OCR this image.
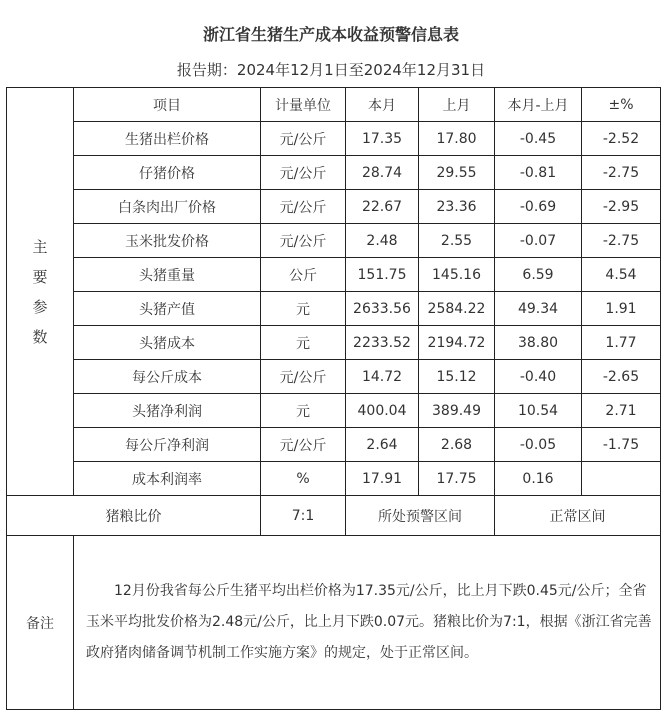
浙江省生猪生产成本收益预警信息表
报告期：2024年12月1日至2024年12月31日
主
要
参
数	项目	计量单位	本月	上月	本月-上月	±%
	生猪出栏价格	元/公斤	17.35	17.80	-0.45	-2.52
	仔猪价格	元/公斤	28.74	29.55	-0.81	-2.75
	白条肉出厂价格	元/公斤	22.67	23.36	-0.69	-2.95
	玉米批发价格	元/公斤	2.48	2.55	-0.07	-2.75
	头猪重量	公斤	151.75	145.16	6.59	4.54
	头猪产值	元	2633.56	2584.22	49.34	1.91
	头猪成本	元	2233.52	2194.72	38.80	1.77
	每公斤成本	元/公斤	14.72	15.12	-0.40	-2.65
	头猪净利润	元	400.04	389.49	10.54	2.71
	每公斤净利润	元/公斤	2.64	2.68	-0.05	-1.75
	成本利润率	%	17.91	17.75	0.16	
猪粮比价		7:1	所处预警区间		正常区间	
备注	12月份我省每公斤生猪平均出栏价格为17.35元/公斤，比上月下跌0.45元/公斤；全省玉米平均批发价格为2.48元/公斤，比上月下跌0.07元。猪粮比价为7:1，根据《浙江省完善政府猪肉储备调节机制工作实施方案》的规定，处于正常区间。					
